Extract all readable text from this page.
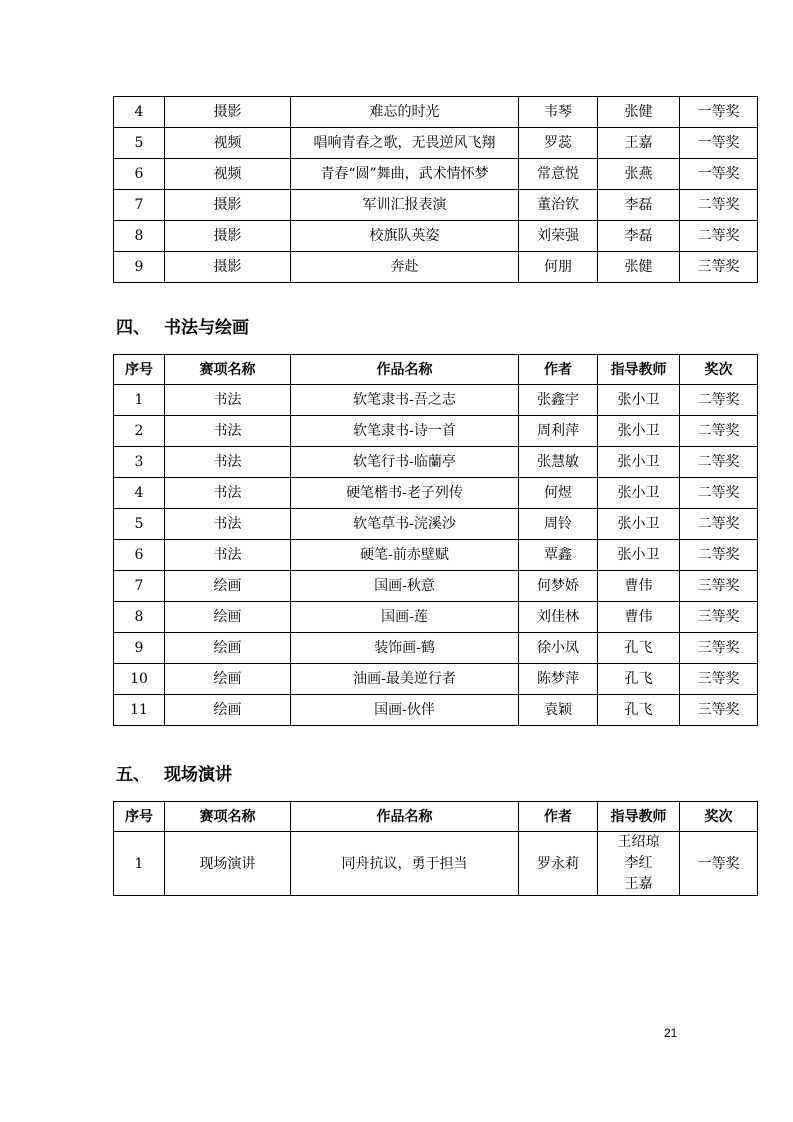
4	摄影	难忘的时光	韦琴	张健	一等奖
5	视频	唱响青春之歌，无畏逆风飞翔	罗蕊	王嘉	一等奖
6	视频	青春“圆”舞曲，武术情怀梦	常意悦	张燕	一等奖
7	摄影	军训汇报表演	董治钦	李磊	二等奖
8	摄影	校旗队英姿	刘荣强	李磊	二等奖
9	摄影	奔赴	何朋	张健	三等奖
四、 书法与绘画
序号	赛项名称	作品名称	作者	指导教师	奖次
1	书法	软笔隶书-吾之志	张鑫宇	张小卫	二等奖
2	书法	软笔隶书-诗一首	周利萍	张小卫	二等奖
3	书法	软笔行书-临蘭亭	张慧敏	张小卫	二等奖
4	书法	硬笔楷书-老子列传	何煜	张小卫	二等奖
5	书法	软笔草书-浣溪沙	周铃	张小卫	二等奖
6	书法	硬笔-前赤壁赋	覃鑫	张小卫	二等奖
7	绘画	国画-秋意	何梦娇	曹伟	三等奖
8	绘画	国画-莲	刘佳林	曹伟	三等奖
9	绘画	装饰画-鹤	徐小凤	孔飞	三等奖
10	绘画	油画-最美逆行者	陈梦萍	孔飞	三等奖
11	绘画	国画-伙伴	袁颖	孔飞	三等奖
五、 现场演讲
序号	赛项名称	作品名称	作者	指导教师	奖次
1	现场演讲	同舟抗议，勇于担当	罗永莉	王绍琼
李红
王嘉	一等奖
21
